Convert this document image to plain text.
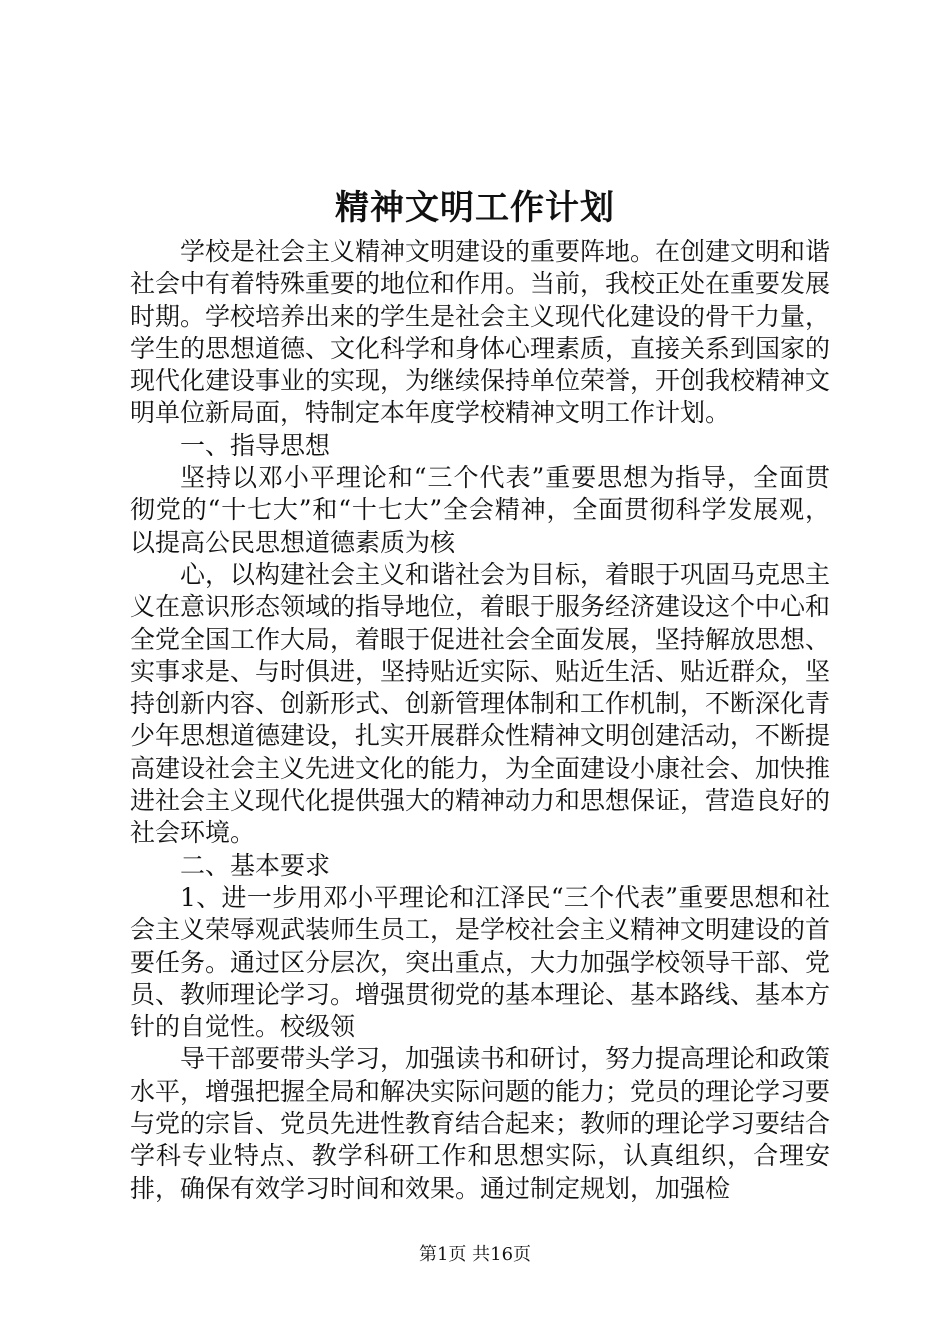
精神文明工作计划

学校是社会主义精神文明建设的重要阵地。在创建文明和谐社会中有着特殊重要的地位和作用。当前，我校正处在重要发展时期。学校培养出来的学生是社会主义现代化建设的骨干力量，学生的思想道德、文化科学和身体心理素质，直接关系到国家的现代化建设事业的实现，为继续保持单位荣誉，开创我校精神文明单位新局面，特制定本年度学校精神文明工作计划。

一、指导思想

坚持以邓小平理论和“三个代表”重要思想为指导，全面贯彻党的“十七大”和“十七大”全会精神，全面贯彻科学发展观，以提高公民思想道德素质为核

心，以构建社会主义和谐社会为目标，着眼于巩固马克思主义在意识形态领域的指导地位，着眼于服务经济建设这个中心和全党全国工作大局，着眼于促进社会全面发展，坚持解放思想、实事求是、与时俱进，坚持贴近实际、贴近生活、贴近群众，坚持创新内容、创新形式、创新管理体制和工作机制，不断深化青少年思想道德建设，扎实开展群众性精神文明创建活动，不断提高建设社会主义先进文化的能力，为全面建设小康社会、加快推进社会主义现代化提供强大的精神动力和思想保证，营造良好的社会环境。

二、基本要求

1、进一步用邓小平理论和江泽民“三个代表”重要思想和社会主义荣辱观武装师生员工，是学校社会主义精神文明建设的首要任务。通过区分层次，突出重点，大力加强学校领导干部、党员、教师理论学习。增强贯彻党的基本理论、基本路线、基本方针的自觉性。校级领

导干部要带头学习，加强读书和研讨，努力提高理论和政策水平，增强把握全局和解决实际问题的能力；党员的理论学习要与党的宗旨、党员先进性教育结合起来；教师的理论学习要结合学科专业特点、教学科研工作和思想实际，认真组织，合理安排，确保有效学习时间和效果。通过制定规划，加强检

第1页 共16页
